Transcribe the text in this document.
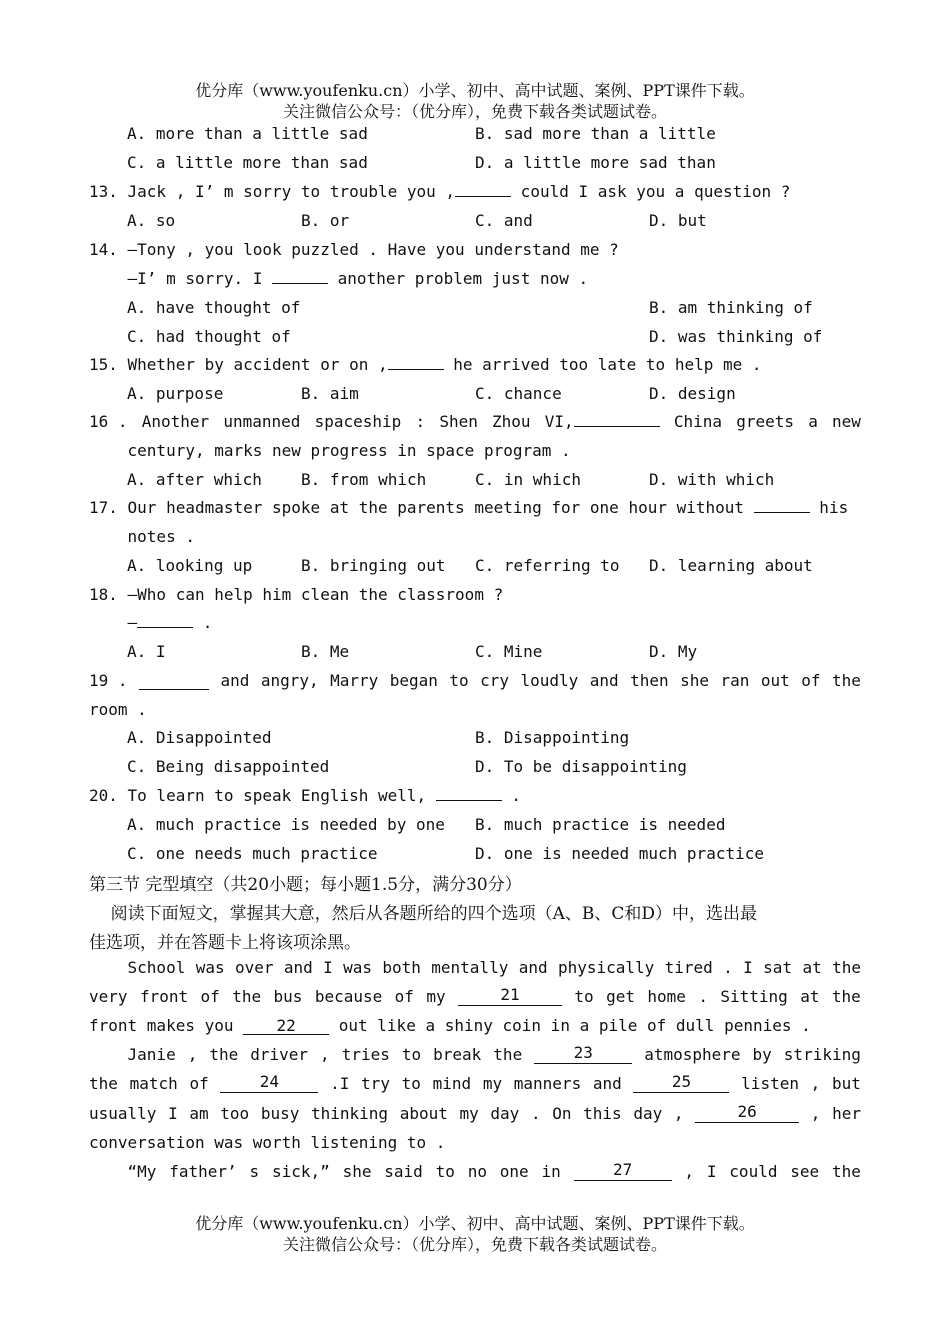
优分库（www.youfenku.cn）小学、初中、高中试题、案例、PPT课件下载。
关注微信公众号：（优分库），免费下载各类试题试卷。
A. more than a little sad	B. sad more than a little
C. a little more than sad	D. a little more sad than
13. Jack , I’ m sorry to trouble you ,	could I ask you a question ?
A. so	B. or	C. and	D. but
14. —Tony , you look puzzled . Have you understand me ?
—I’ m sorry. I	another problem just now .
A. have thought of	B. am thinking of
C. had thought of	D. was thinking of
15. Whether by accident or on ,	he arrived too late to help me .
A. purpose	B. aim	C. chance	D. design
16 . Another unmanned spaceship : Shen Zhou VI,	China greets a new
century, marks new progress in space program .
A. after which B. from which	C. in which	D. with which
17. Our headmaster spoke at the parents meeting for one hour without	his
notes .
A. looking up	B. bringing out C. referring to D. learning about
18. —Who can help him clean the classroom ?
—	.
A. I	B. Me	C. Mine	D. My
19 .	and angry, Marry began to cry loudly and then she ran out of the
room .
A. Disappointed	B. Disappointing
C. Being disappointed	D. To be disappointing
20. To learn to speak English well,	.
A. much practice is needed by one B. much practice is needed
C. one needs much practice	D. one is needed much practice
第三节 完型填空（共20小题；每小题1.5分，满分30分）
阅读下面短文，掌握其大意，然后从各题所给的四个选项（A、B、C和D）中，选出最
佳选项，并在答题卡上将该项涂黑。
School was over and I was both mentally and physically tired . I sat at the
very front of the bus because of my	21	to get home . Sitting at the
front makes you 22 out like a shiny coin in a pile of dull pennies .
Janie , the driver , tries to break the	23	atmosphere by striking
the match of	24	.I try to mind my manners and	25	listen , but
usually I am too busy thinking about my day . On this day ,	26	, her
conversation was worth listening to .
“My father’ s sick,” she said to no one in	27	, I could see the
优分库（www.youfenku.cn）小学、初中、高中试题、案例、PPT课件下载。
关注微信公众号：（优分库），免费下载各类试题试卷。
